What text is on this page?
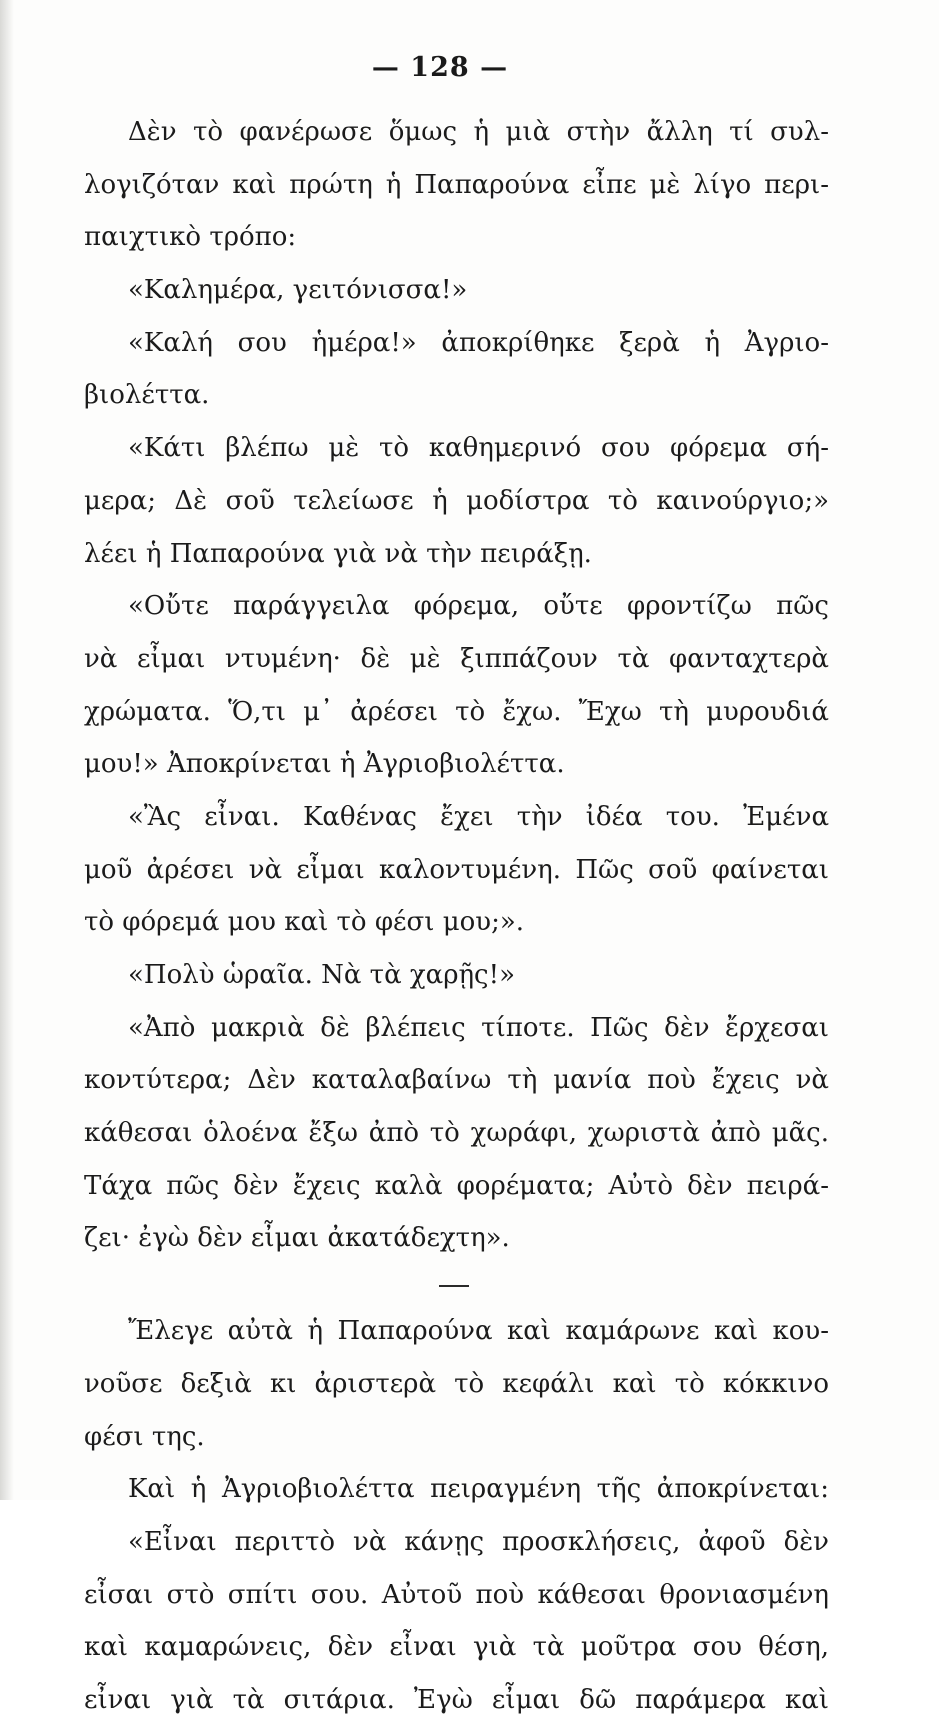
— 128 —
Δὲν τὸ φανέρωσε ὅμως ἡ μιὰ στὴν ἄλλη τί συλ-
λογιζόταν καὶ πρώτη ἡ Παπαρούνα εἶπε μὲ λίγο περι-
παιχτικὸ τρόπο:
«Καλημέρα, γειτόνισσα!»
«Καλή σου ἡμέρα!» ἀποκρίθηκε ξερὰ ἡ Ἀγριο-
βιολέττα.
«Κάτι βλέπω μὲ τὸ καθημερινό σου φόρεμα σή-
μερα; Δὲ σοῦ τελείωσε ἡ μοδίστρα τὸ καινούργιο;»
λέει ἡ Παπαρούνα γιὰ νὰ τὴν πειράξῃ.
«Οὔτε παράγγειλα φόρεμα, οὔτε φροντίζω πῶς
νὰ εἶμαι ντυμένη· δὲ μὲ ξιππάζουν τὰ φανταχτερὰ
χρώματα. Ὅ,τι μ᾽ ἀρέσει τὸ ἔχω. Ἔχω τὴ μυρουδιά
μου!» Ἀποκρίνεται ἡ Ἀγριοβιολέττα.
«Ἂς εἶναι. Καθένας ἔχει τὴν ἰδέα του. Ἐμένα
μοῦ ἀρέσει νὰ εἶμαι καλοντυμένη. Πῶς σοῦ φαίνεται
τὸ φόρεμά μου καὶ τὸ φέσι μου;».
«Πολὺ ὡραῖα. Νὰ τὰ χαρῇς!»
«Ἀπὸ μακριὰ δὲ βλέπεις τίποτε. Πῶς δὲν ἔρχεσαι
κοντύτερα; Δὲν καταλαβαίνω τὴ μανία ποὺ ἔχεις νὰ
κάθεσαι ὁλοένα ἔξω ἀπὸ τὸ χωράφι, χωριστὰ ἀπὸ μᾶς.
Τάχα πῶς δὲν ἔχεις καλὰ φορέματα; Αὐτὸ δὲν πειρά-
ζει· ἐγὼ δὲν εἶμαι ἀκατάδεχτη».
Ἔλεγε αὐτὰ ἡ Παπαρούνα καὶ καμάρωνε καὶ κου-
νοῦσε δεξιὰ κι ἀριστερὰ τὸ κεφάλι καὶ τὸ κόκκινο
φέσι της.
Καὶ ἡ Ἀγριοβιολέττα πειραγμένη τῆς ἀποκρίνεται:
«Εἶναι περιττὸ νὰ κάνῃς προσκλήσεις, ἀφοῦ δὲν
εἶσαι στὸ σπίτι σου. Αὐτοῦ ποὺ κάθεσαι θρονιασμένη
καὶ καμαρώνεις, δὲν εἶναι γιὰ τὰ μοῦτρα σου θέση,
εἶναι γιὰ τὰ σιτάρια. Ἐγὼ εἶμαι δῶ παράμερα καὶ
